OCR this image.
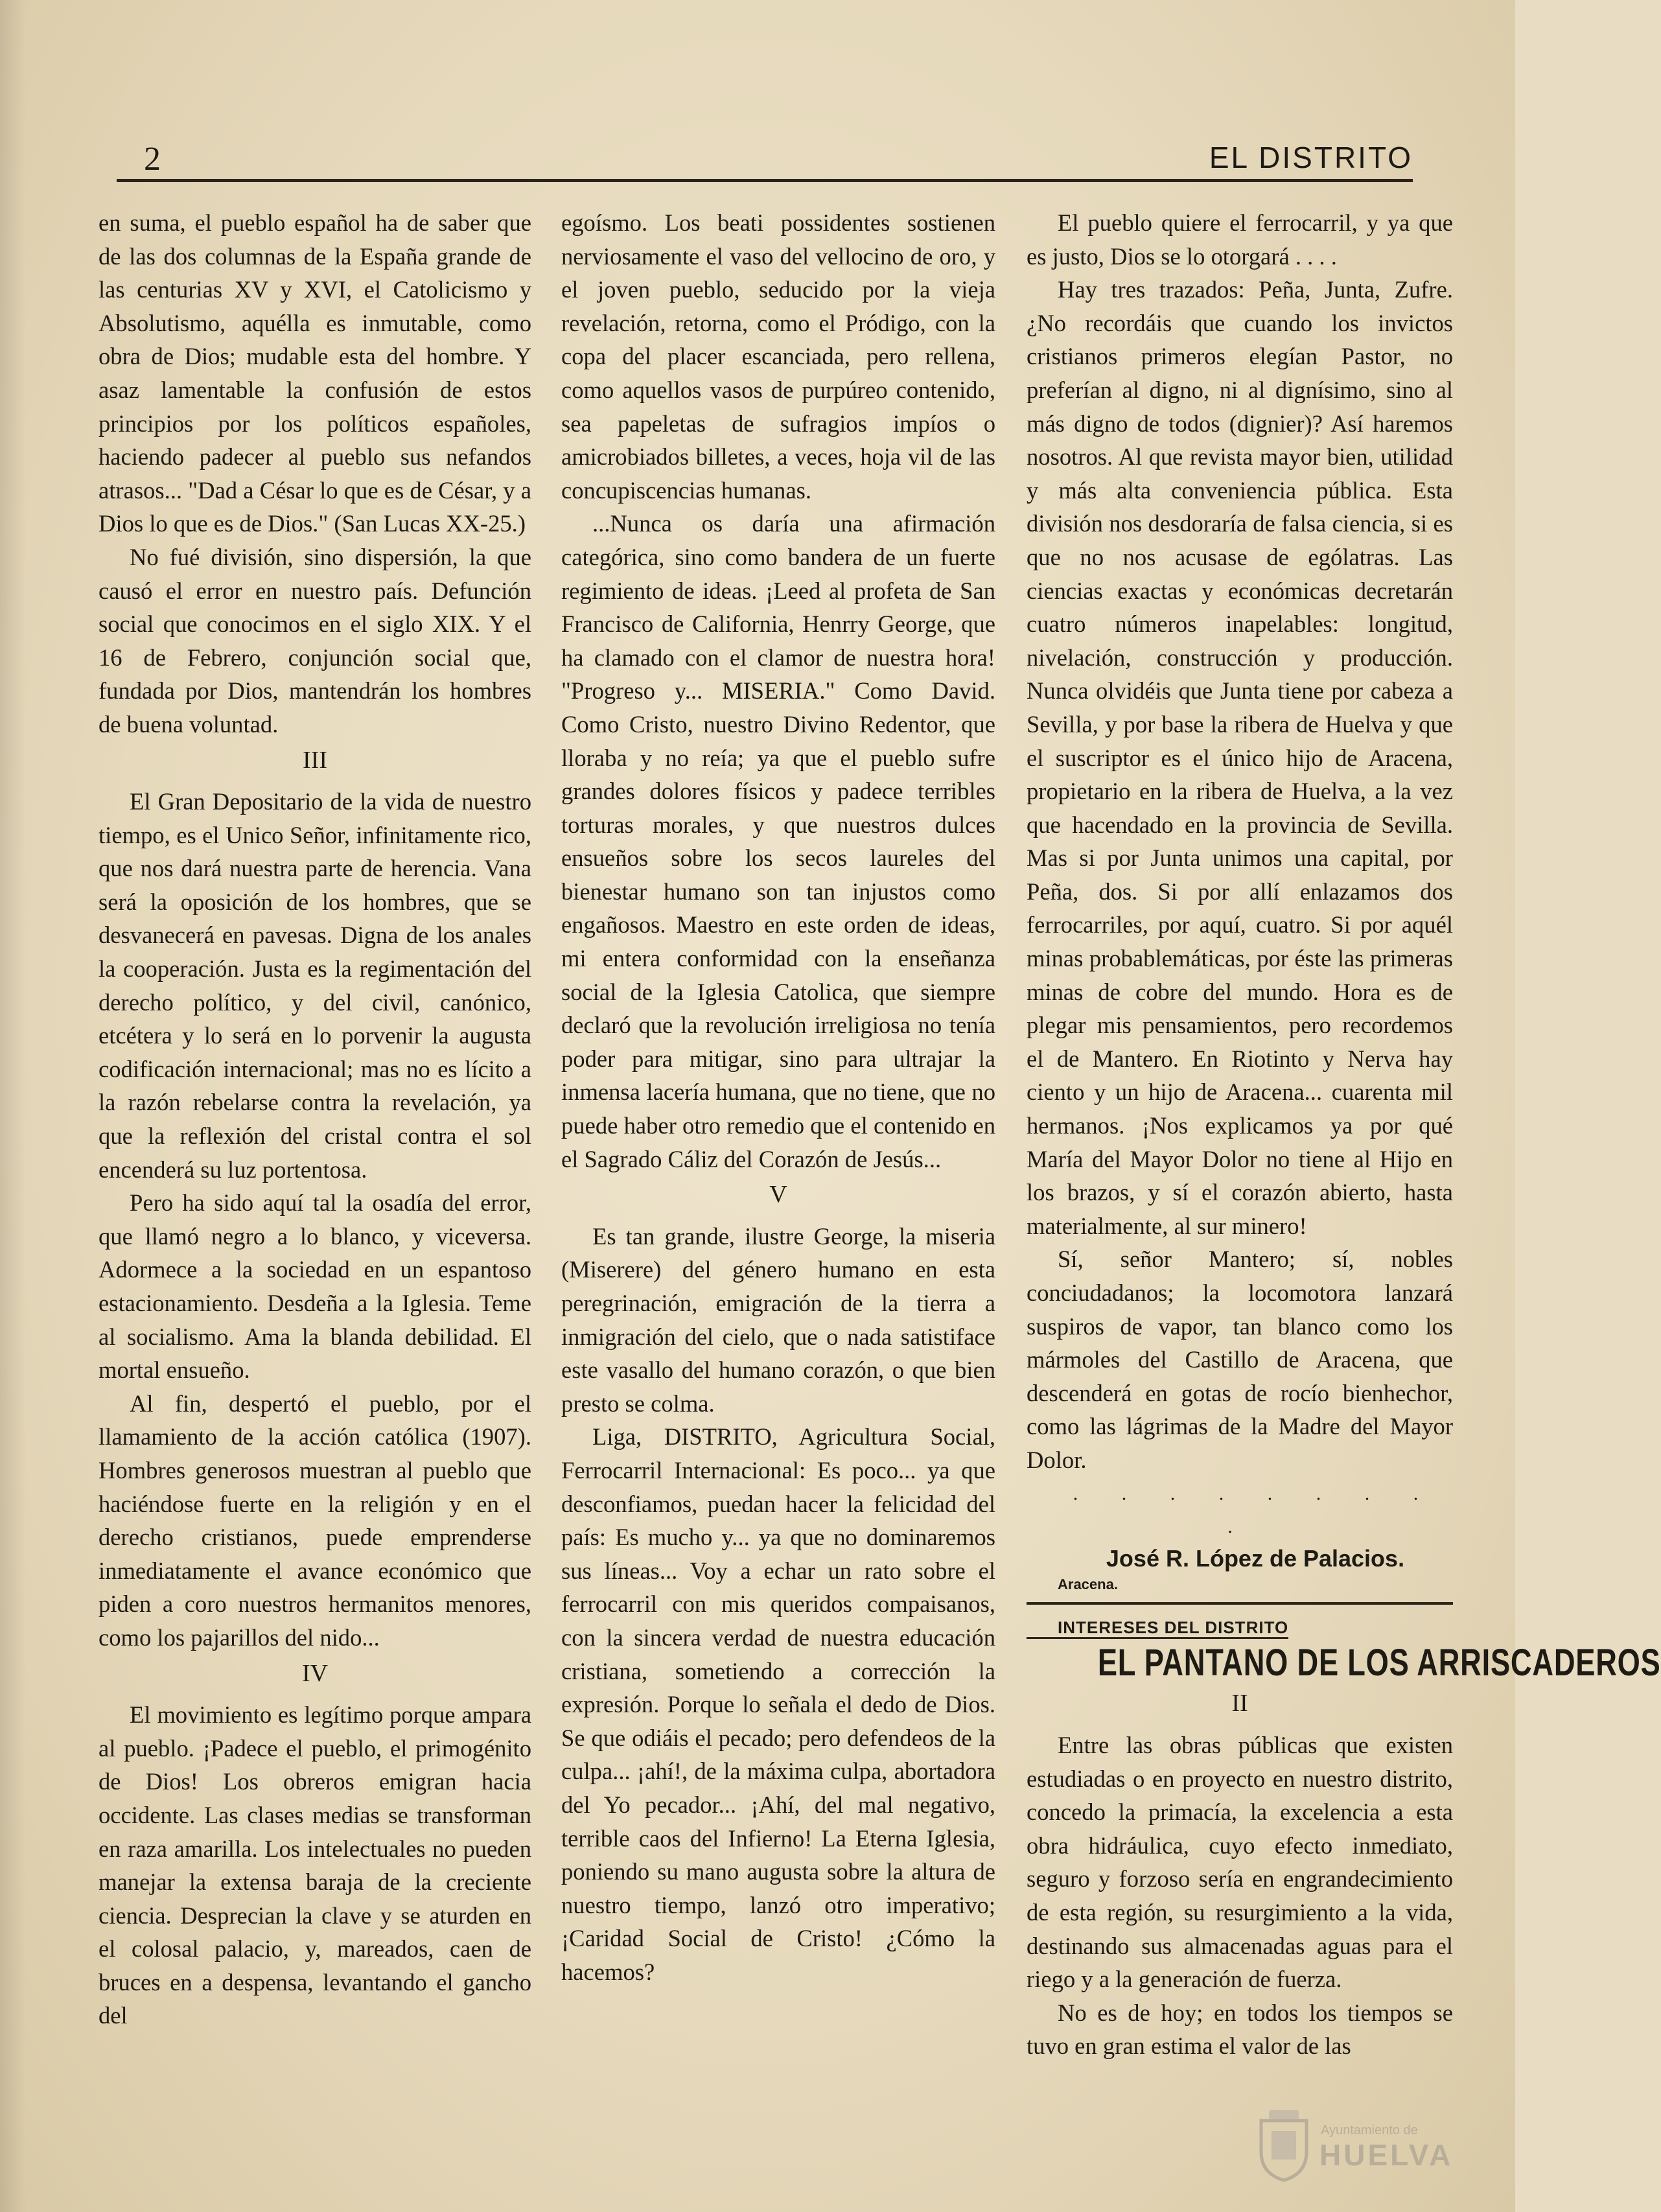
2	EL DISTRITO

en suma, el pueblo español ha de saber que de las dos columnas de la España grande de las centurias XV y XVI, el Catolicismo y Absolutismo, aquélla es inmutable, como obra de Dios; mudable esta del hombre. Y asaz lamentable la confusión de estos principios por los políticos españoles, haciendo padecer al pueblo sus nefandos atrasos... "Dad a César lo que es de César, y a Dios lo que es de Dios." (San Lucas XX-25.)

No fué división, sino dispersión, la que causó el error en nuestro país. Defunción social que conocimos en el siglo XIX. Y el 16 de Febrero, conjunción social que, fundada por Dios, mantendrán los hombres de buena voluntad.

III

El Gran Depositario de la vida de nuestro tiempo, es el Unico Señor, infinitamente rico, que nos dará nuestra parte de herencia. Vana será la oposición de los hombres, que se desvanecerá en pavesas. Digna de los anales la cooperación. Justa es la regimentación del derecho político, y del civil, canónico, etcétera y lo será en lo porvenir la augusta codificación internacional; mas no es lícito a la razón rebelarse contra la revelación, ya que la reflexión del cristal contra el sol encenderá su luz portentosa.

Pero ha sido aquí tal la osadía del error, que llamó negro a lo blanco, y viceversa. Adormece a la sociedad en un espantoso estacionamiento. Desdeña a la Iglesia. Teme al socialismo. Ama la blanda debilidad. El mortal ensueño.

Al fin, despertó el pueblo, por el llamamiento de la acción católica (1907). Hombres generosos muestran al pueblo que haciéndose fuerte en la religión y en el derecho cristianos, puede emprenderse inmediatamente el avance económico que piden a coro nuestros hermanitos menores, como los pajarillos del nido...

IV

El movimiento es legítimo porque ampara al pueblo. ¡Padece el pueblo, el primogénito de Dios! Los obreros emigran hacia occidente. Las clases medias se transforman en raza amarilla. Los intelectuales no pueden manejar la extensa baraja de la creciente ciencia. Desprecian la clave y se aturden en el colosal palacio, y, mareados, caen de bruces en a despensa, levantando el gancho del

egoísmo. Los beati possidentes sostienen nerviosamente el vaso del vellocino de oro, y el joven pueblo, seducido por la vieja revelación, retorna, como el Pródigo, con la copa del placer escanciada, pero rellena, como aquellos vasos de purpúreo contenido, sea papeletas de sufragios impíos o amicrobiados billetes, a veces, hoja vil de las concupiscencias humanas.

...Nunca os daría una afirmación categórica, sino como bandera de un fuerte regimiento de ideas. ¡Leed al profeta de San Francisco de California, Henrry George, que ha clamado con el clamor de nuestra hora! "Progreso y... MISERIA." Como David. Como Cristo, nuestro Divino Redentor, que lloraba y no reía; ya que el pueblo sufre grandes dolores físicos y padece terribles torturas morales, y que nuestros dulces ensueños sobre los secos laureles del bienestar humano son tan injustos como engañosos. Maestro en este orden de ideas, mi entera conformidad con la enseñanza social de la Iglesia Catolica, que siempre declaró que la revolución irreligiosa no tenía poder para mitigar, sino para ultrajar la inmensa lacería humana, que no tiene, que no puede haber otro remedio que el contenido en el Sagrado Cáliz del Corazón de Jesús...

V

Es tan grande, ilustre George, la miseria (Miserere) del género humano en esta peregrinación, emigración de la tierra a inmigración del cielo, que o nada satistiface este vasallo del humano corazón, o que bien presto se colma.

Liga, DISTRITO, Agricultura Social, Ferrocarril Internacional: Es poco... ya que desconfiamos, puedan hacer la felicidad del país: Es mucho y... ya que no dominaremos sus líneas... Voy a echar un rato sobre el ferrocarril con mis queridos compaisanos, con la sincera verdad de nuestra educación cristiana, sometiendo a corrección la expresión. Porque lo señala el dedo de Dios. Se que odiáis el pecado; pero defendeos de la culpa... ¡ahí!, de la máxima culpa, abortadora del Yo pecador... ¡Ahí, del mal negativo, terrible caos del Infierno! La Eterna Iglesia, poniendo su mano augusta sobre la altura de nuestro tiempo, lanzó otro imperativo; ¡Caridad Social de Cristo! ¿Cómo la hacemos?

El pueblo quiere el ferrocarril, y ya que es justo, Dios se lo otorgará . . . .

Hay tres trazados: Peña, Junta, Zufre. ¿No recordáis que cuando los invictos cristianos primeros elegían Pastor, no preferían al digno, ni al dignísimo, sino al más digno de todos (dignier)? Así haremos nosotros. Al que revista mayor bien, utilidad y más alta conveniencia pública. Esta división nos desdoraría de falsa ciencia, si es que no nos acusase de ególatras. Las ciencias exactas y económicas decretarán cuatro números inapelables: longitud, nivelación, construcción y producción. Nunca olvidéis que Junta tiene por cabeza a Sevilla, y por base la ribera de Huelva y que el suscriptor es el único hijo de Aracena, propietario en la ribera de Huelva, a la vez que hacendado en la provincia de Sevilla. Mas si por Junta unimos una capital, por Peña, dos. Si por allí enlazamos dos ferrocarriles, por aquí, cuatro. Si por aquél minas probablemáticas, por éste las primeras minas de cobre del mundo. Hora es de plegar mis pensamientos, pero recordemos el de Mantero. En Riotinto y Nerva hay ciento y un hijo de Aracena... cuarenta mil hermanos. ¡Nos explicamos ya por qué María del Mayor Dolor no tiene al Hijo en los brazos, y sí el corazón abierto, hasta materialmente, al sur minero!

Sí, señor Mantero; sí, nobles conciudadanos; la locomotora lanzará suspiros de vapor, tan blanco como los mármoles del Castillo de Aracena, que descenderá en gotas de rocío bienhechor, como las lágrimas de la Madre del Mayor Dolor.

. . . . . . . . .

José R. López de Palacios.

Aracena.

INTERESES DEL DISTRITO

EL PANTANO DE LOS ARRISCADEROS

II

Entre las obras públicas que existen estudiadas o en proyecto en nuestro distrito, concedo la primacía, la excelencia a esta obra hidráulica, cuyo efecto inmediato, seguro y forzoso sería en engrandecimiento de esta región, su resurgimiento a la vida, destinando sus almacenadas aguas para el riego y a la generación de fuerza.

No es de hoy; en todos los tiempos se tuvo en gran estima el valor de las

Ayuntamiento de
HUELVA
